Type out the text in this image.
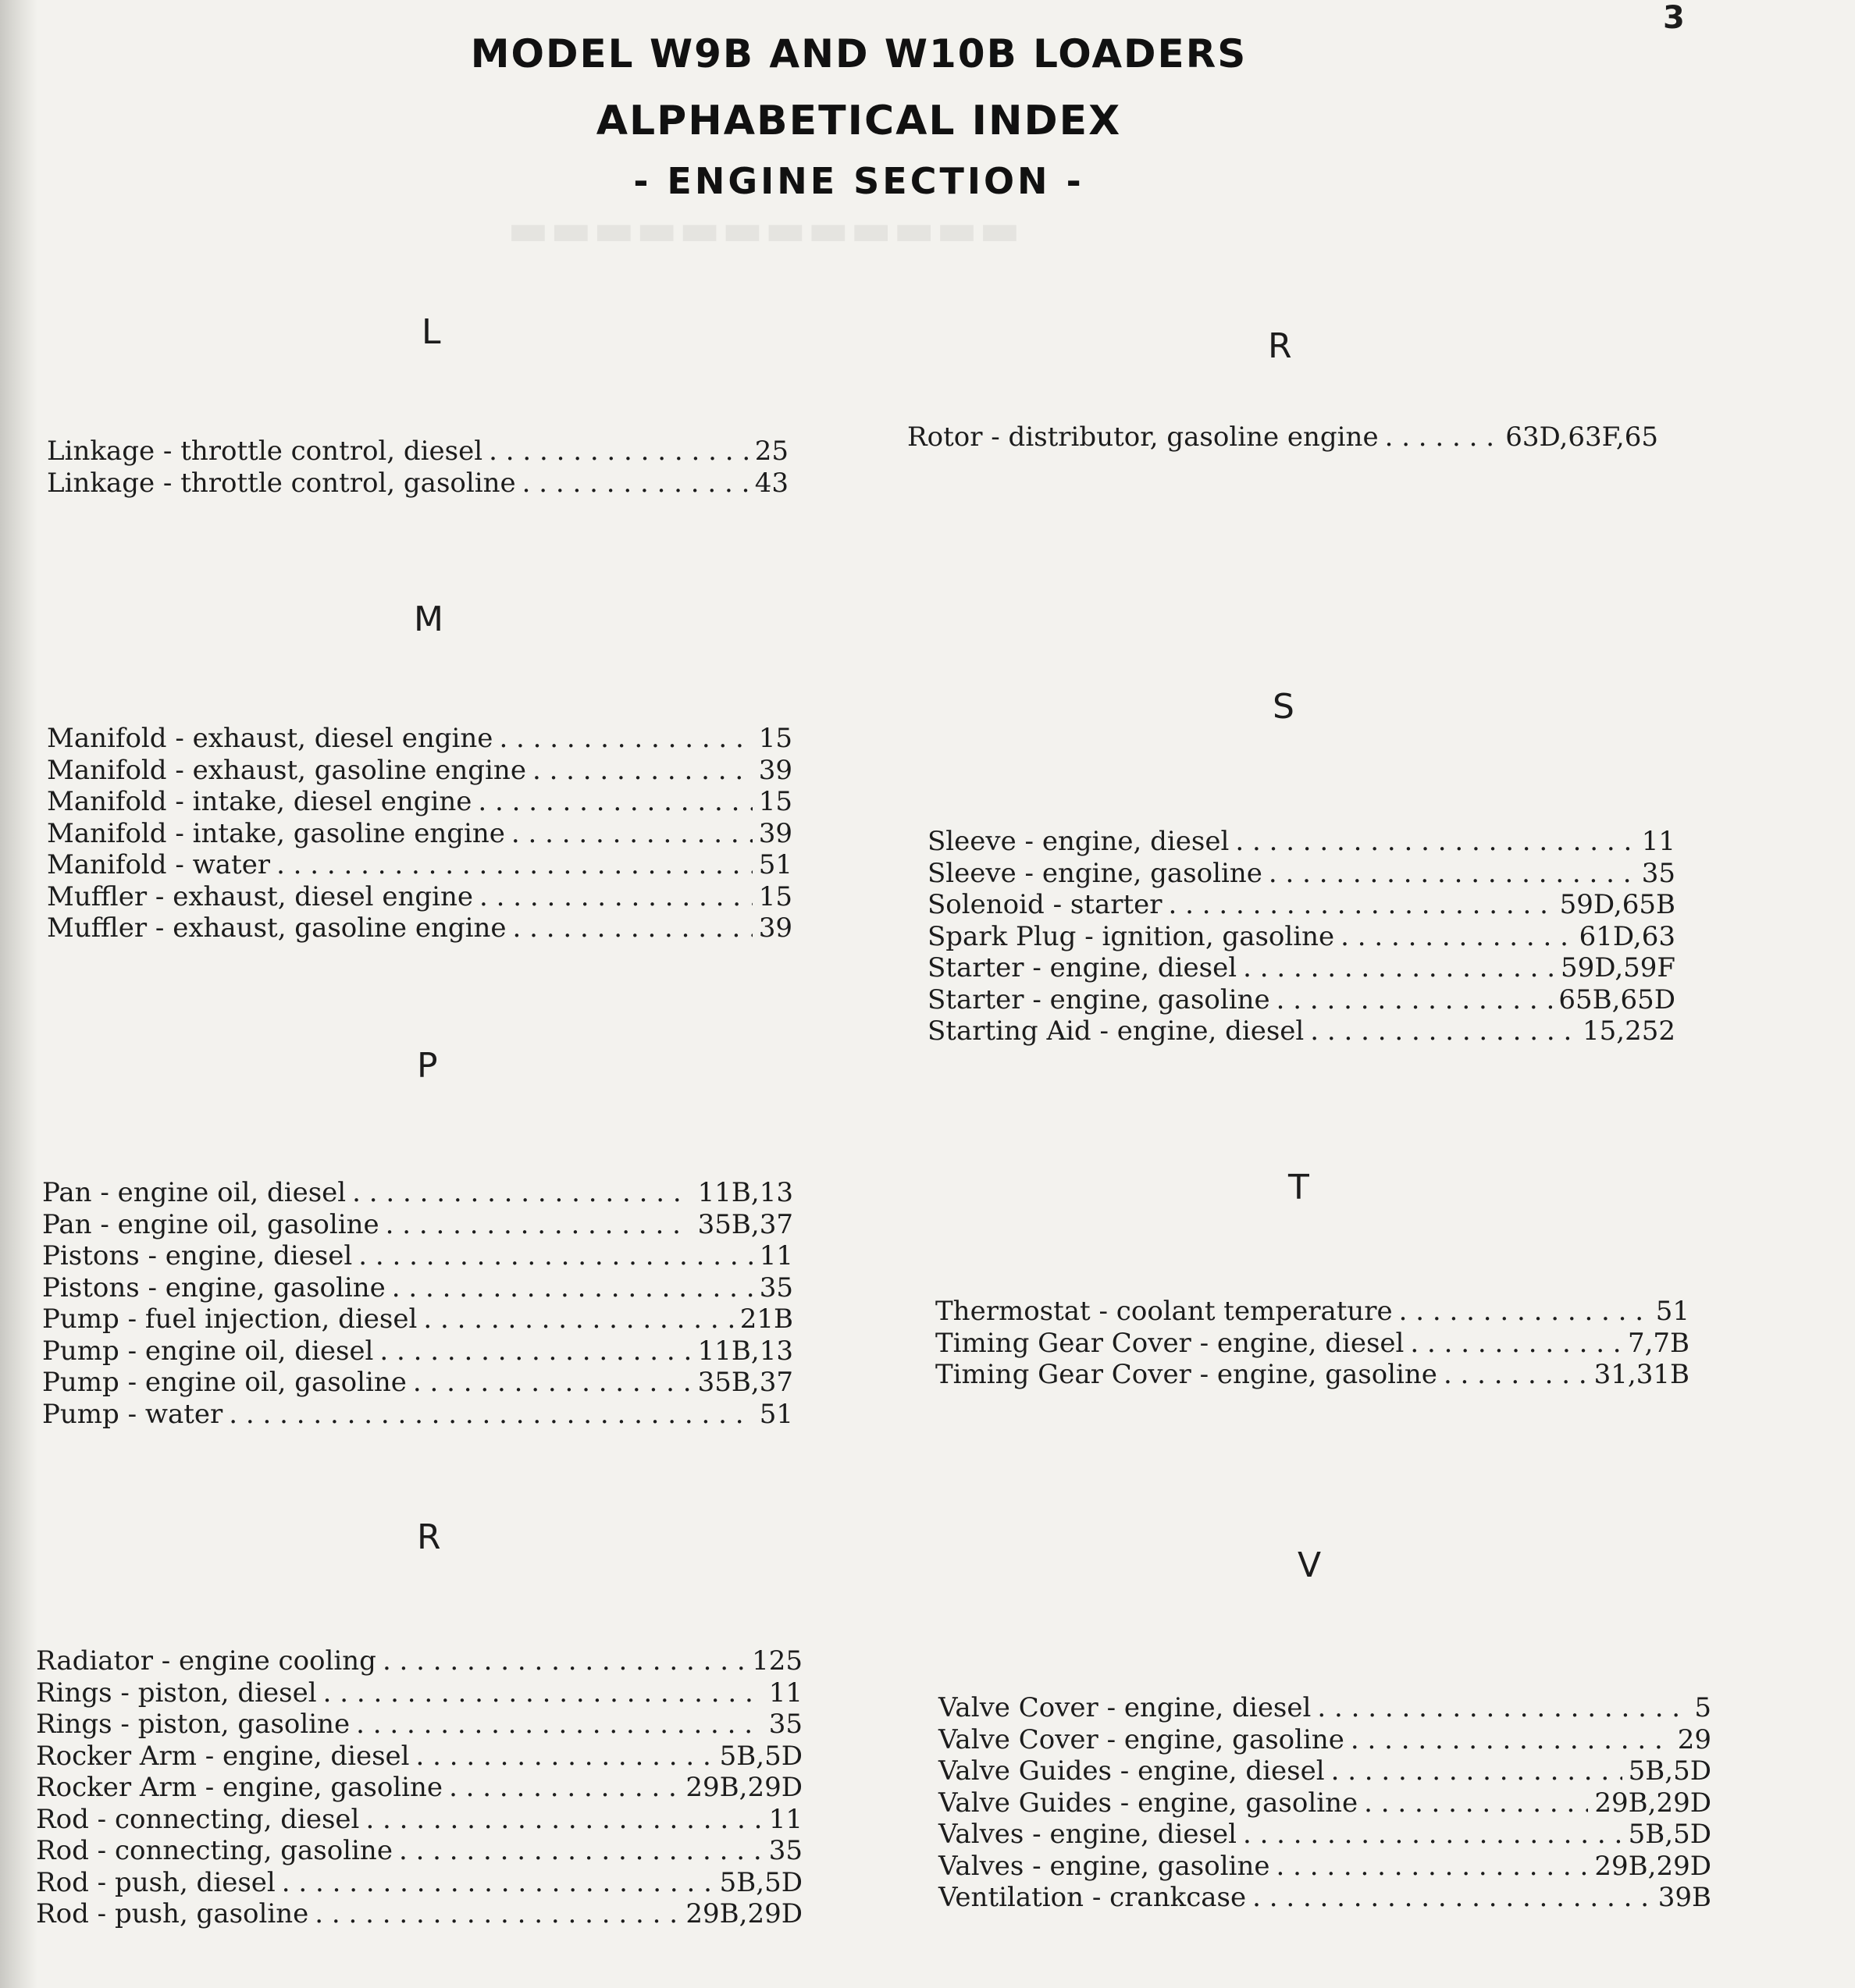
▬▬▬▬▬▬▬▬▬▬▬▬
3
MODEL W9B AND W10B LOADERS
ALPHABETICAL INDEX
- ENGINE SECTION -
L
Linkage - throttle control, diesel . . .	25
Linkage - throttle control, gasoline . . .	43
M
Manifold - exhaust, diesel engine . . .	15
Manifold - exhaust, gasoline engine . . .	39
Manifold - intake, diesel engine . . .	15
Manifold - intake, gasoline engine . . .	39
Manifold - water . . .	51
Muffler - exhaust, diesel engine . . .	15
Muffler - exhaust, gasoline engine . . .	39
P
Pan - engine oil, diesel . . .	11B,13
Pan - engine oil, gasoline . . .	35B,37
Pistons - engine, diesel . . .	11
Pistons - engine, gasoline . . .	35
Pump - fuel injection, diesel . . .	21B
Pump - engine oil, diesel . . .	11B,13
Pump - engine oil, gasoline . . .	35B,37
Pump - water . . .	51
R
Radiator - engine cooling . . .	125
Rings - piston, diesel . . .	11
Rings - piston, gasoline . . .	35
Rocker Arm - engine, diesel . . .	5B,5D
Rocker Arm - engine, gasoline . . .	29B,29D
Rod - connecting, diesel . . .	11
Rod - connecting, gasoline . . .	35
Rod - push, diesel . . .	5B,5D
Rod - push, gasoline . . .	29B,29D
R
Rotor - distributor, gasoline engine . . .	63D,63F,65
S
Sleeve - engine, diesel . . .	11
Sleeve - engine, gasoline . . .	35
Solenoid - starter . . .	59D,65B
Spark Plug - ignition, gasoline . . .	61D,63
Starter - engine, diesel . . .	59D,59F
Starter - engine, gasoline . . .	65B,65D
Starting Aid - engine, diesel . . .	15,252
T
Thermostat - coolant temperature . . .	51
Timing Gear Cover - engine, diesel . . .	7,7B
Timing Gear Cover - engine, gasoline . . .	31,31B
V
Valve Cover - engine, diesel . . .	5
Valve Cover - engine, gasoline . . .	29
Valve Guides - engine, diesel . . .	5B,5D
Valve Guides - engine, gasoline . . .	29B,29D
Valves - engine, diesel . . .	5B,5D
Valves - engine, gasoline . . .	29B,29D
Ventilation - crankcase . . .	39B
